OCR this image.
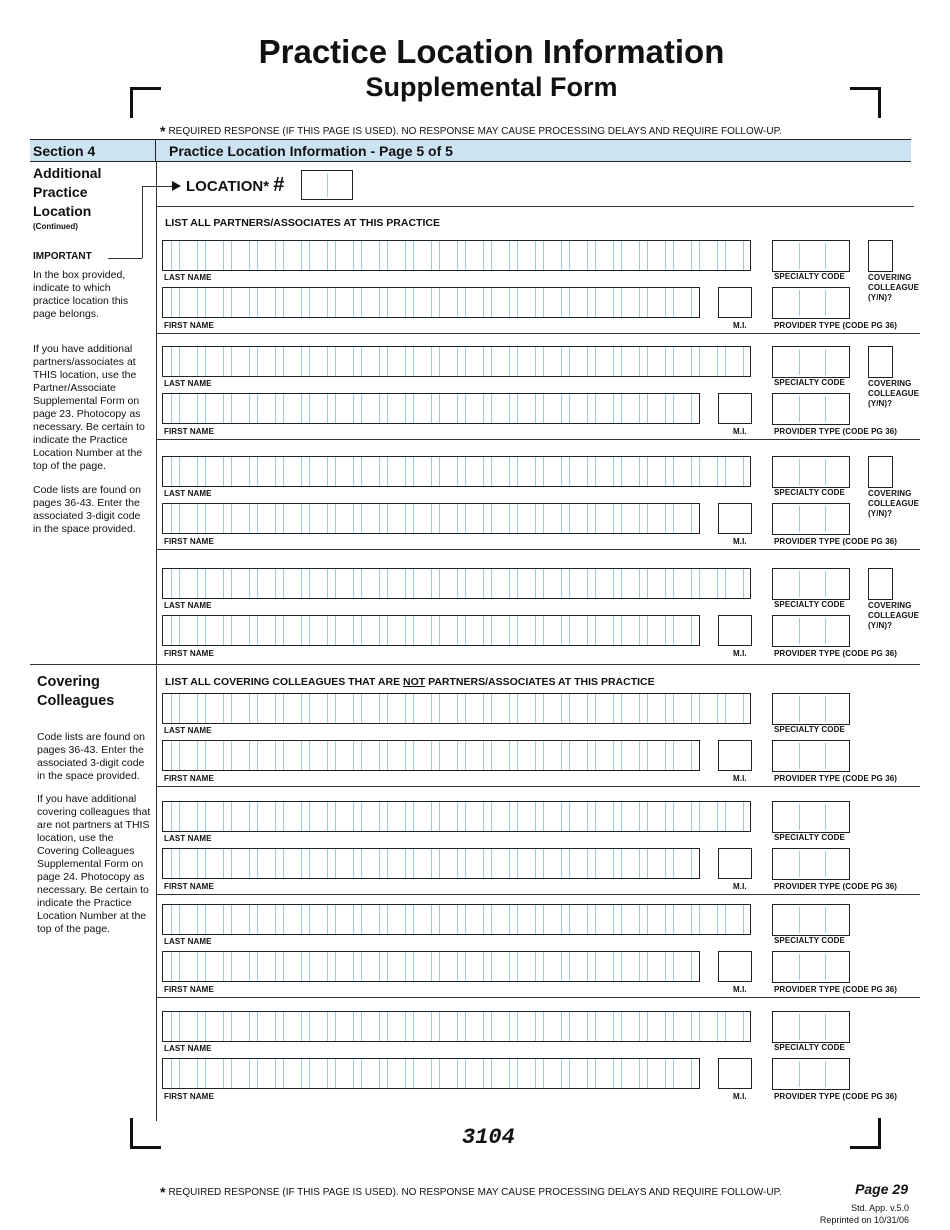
Practice Location Information
Supplemental Form
* REQUIRED RESPONSE (IF THIS PAGE IS USED). NO RESPONSE MAY CAUSE PROCESSING DELAYS AND REQUIRE FOLLOW-UP.
Section 4	Practice Location Information - Page 5 of 5
Additional
Practice
Location
(Continued)
IMPORTANT
In the box provided, indicate to which practice location this page belongs.
If you have additional partners/associates at THIS location, use the Partner/Associate Supplemental Form on page 23. Photocopy as necessary. Be certain to indicate the Practice Location Number at the top of the page.
Code lists are found on pages 36-43. Enter the associated 3-digit code in the space provided.
LOCATION* #
LIST ALL PARTNERS/ASSOCIATES AT THIS PRACTICE
LAST NAME	SPECIALTY CODE	COVERING
COLLEAGUE
(Y/N)?
FIRST NAME	M.I.	PROVIDER TYPE (CODE PG 36)
LAST NAME	SPECIALTY CODE	COVERING
COLLEAGUE
(Y/N)?
FIRST NAME	M.I.	PROVIDER TYPE (CODE PG 36)
LAST NAME	SPECIALTY CODE	COVERING
COLLEAGUE
(Y/N)?
FIRST NAME	M.I.	PROVIDER TYPE (CODE PG 36)
LAST NAME	SPECIALTY CODE	COVERING
COLLEAGUE
(Y/N)?
FIRST NAME	M.I.	PROVIDER TYPE (CODE PG 36)
Covering
Colleagues
Code lists are found on pages 36-43. Enter the associated 3-digit code in the space provided.
If you have additional covering colleagues that are not partners at THIS location, use the Covering Colleagues Supplemental Form on page 24. Photocopy as necessary. Be certain to indicate the Practice Location Number at the top of the page.
LIST ALL COVERING COLLEAGUES THAT ARE NOT PARTNERS/ASSOCIATES AT THIS PRACTICE
LAST NAME	SPECIALTY CODE
FIRST NAME	M.I.	PROVIDER TYPE (CODE PG 36)
LAST NAME	SPECIALTY CODE
FIRST NAME	M.I.	PROVIDER TYPE (CODE PG 36)
LAST NAME	SPECIALTY CODE
FIRST NAME	M.I.	PROVIDER TYPE (CODE PG 36)
LAST NAME	SPECIALTY CODE
FIRST NAME	M.I.	PROVIDER TYPE (CODE PG 36)
3104
* REQUIRED RESPONSE (IF THIS PAGE IS USED). NO RESPONSE MAY CAUSE PROCESSING DELAYS AND REQUIRE FOLLOW-UP.	Page 29
Std. App. v.5.0
Reprinted on 10/31/06
